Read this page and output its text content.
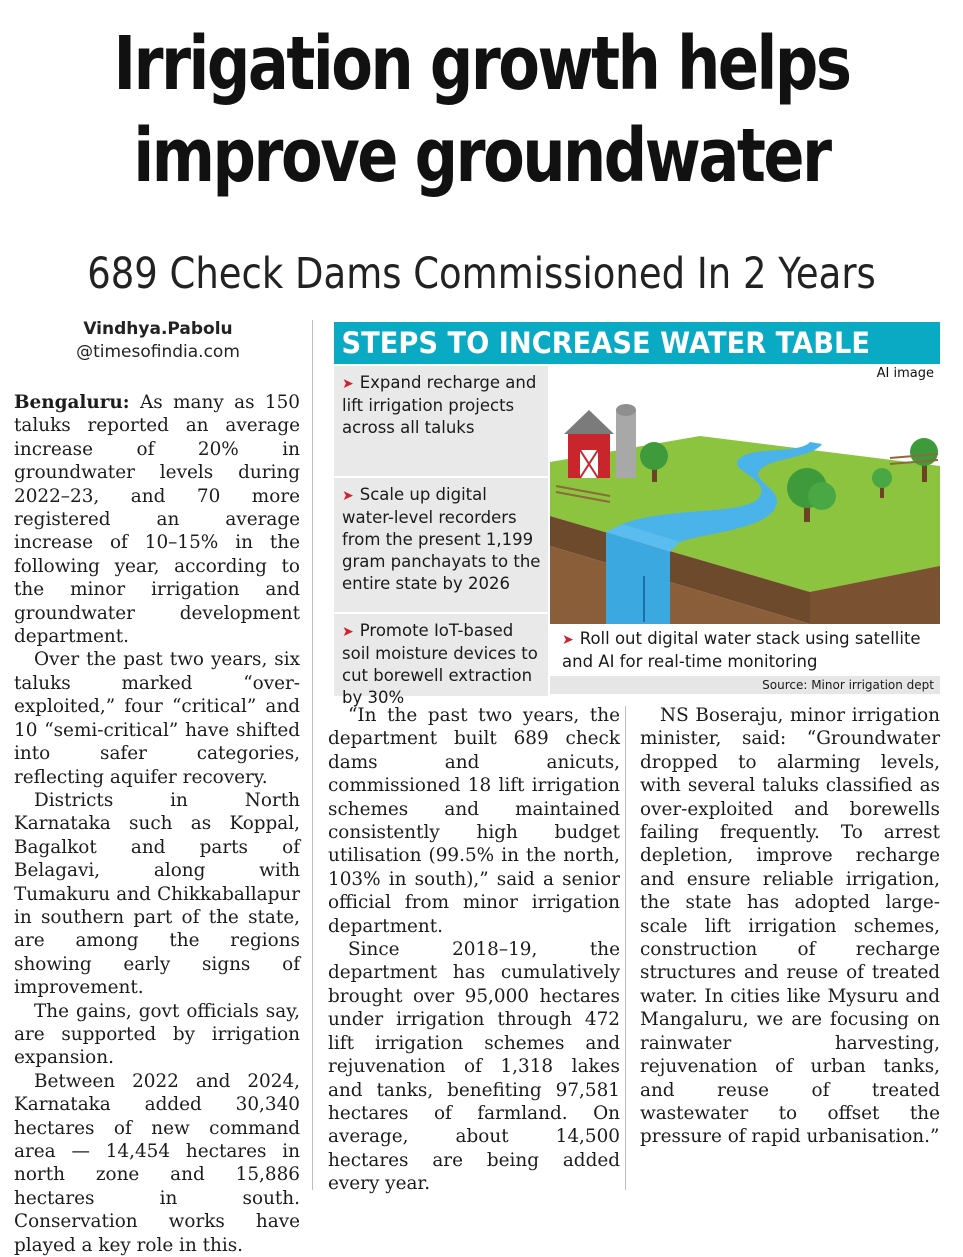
Irrigation growth helps
improve groundwater
689 Check Dams Commissioned In 2 Years
Vindhya.Pabolu
@timesofindia.com

Bengaluru: As many as 150 taluks reported an average increase of 20% in groundwater levels during 2022–23, and 70 more registered an average increase of 10–15% in the following year, according to the minor irrigation and groundwater development department.

Over the past two years, six taluks marked “over-exploited,” four “critical” and 10 “semi-critical” have shifted into safer categories, reflecting aquifer recovery.

Districts in North Karnataka such as Koppal, Bagalkot and parts of Belagavi, along with Tumakuru and Chikkaballapur in southern part of the state, are among the regions showing early signs of improvement.

The gains, govt officials say, are supported by irrigation expansion.

Between 2022 and 2024, Karnataka added 30,340 hectares of new command area — 14,454 hectares in north zone and 15,886 hectares in south. Conservation works have played a key role in this.

STEPS TO INCREASE WATER TABLE
➤ Expand recharge and lift irrigation projects across all taluks
➤ Scale up digital water-level recorders from the present 1,199 gram panchayats to the entire state by 2026
➤ Promote IoT-based soil moisture devices to cut borewell extraction by 30%
AI image
➤ Roll out digital water stack using satellite and AI for real-time monitoring
Source: Minor irrigation dept

“In the past two years, the department built 689 check dams and anicuts, commissioned 18 lift irrigation schemes and maintained consistently high budget utilisation (99.5% in the north, 103% in south),” said a senior official from minor irrigation department.

Since 2018–19, the department has cumulatively brought over 95,000 hectares under irrigation through 472 lift irrigation schemes and rejuvenation of 1,318 lakes and tanks, benefiting 97,581 hectares of farmland. On average, about 14,500 hectares are being added every year.

NS Boseraju, minor irrigation minister, said: “Groundwater dropped to alarming levels, with several taluks classified as over-exploited and borewells failing frequently. To arrest depletion, improve recharge and ensure reliable irrigation, the state has adopted large-scale lift irrigation schemes, construction of recharge structures and reuse of treated water. In cities like Mysuru and Mangaluru, we are focusing on rainwater harvesting, rejuvenation of urban tanks, and reuse of treated wastewater to offset the pressure of rapid urbanisation.”
